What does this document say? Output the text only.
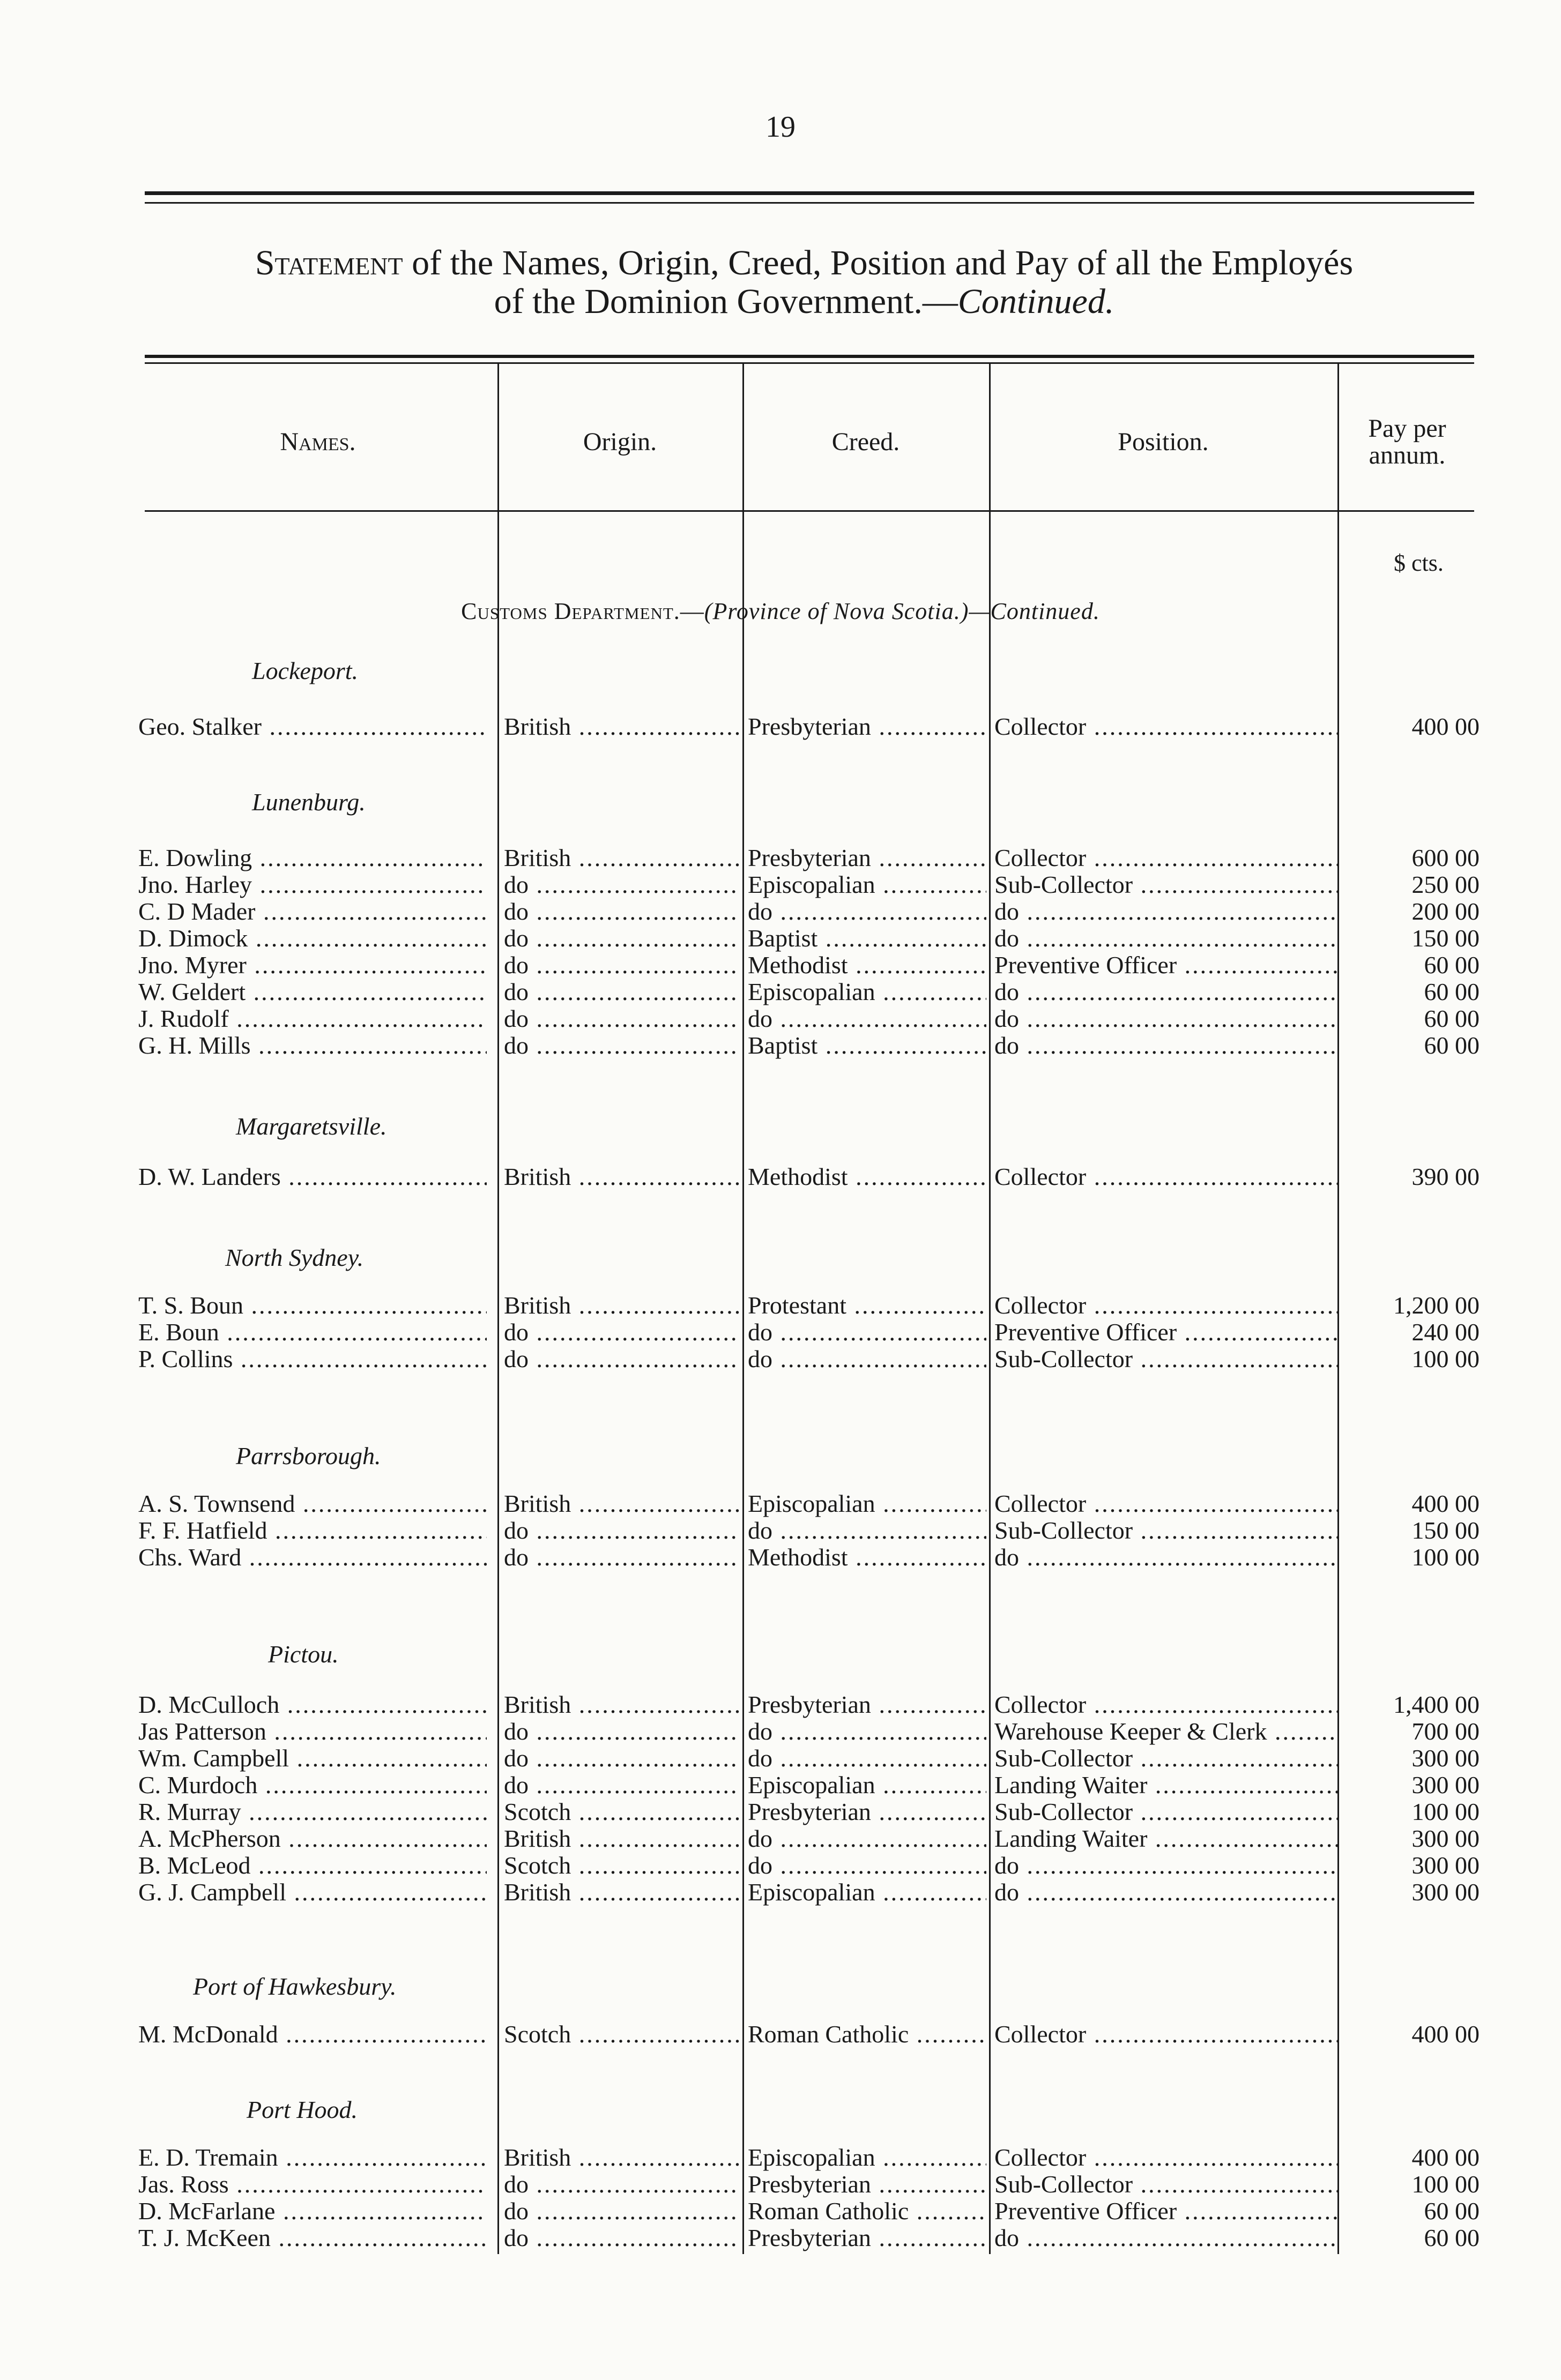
19
Statement of the Names, Origin, Creed, Position and Pay of all the Employés
of the Dominion Government.—Continued.
Names.	Origin.	Creed.	Position.	Pay per
annum.
$ cts.
Customs Department.—(Province of Nova Scotia.)—Continued.
Lockeport.
Geo. Stalker .....	British .....	Presbyterian .....	Collector .....	400 00
Lunenburg.
E. Dowling .....	British .....	Presbyterian .....	Collector .....	600 00
Jno. Harley .....	do .....	Episcopalian .....	Sub-Collector .....	250 00
C. D Mader .....	do .....	do .....	do .....	200 00
D. Dimock .....	do .....	Baptist .....	do .....	150 00
Jno. Myrer .....	do .....	Methodist .....	Preventive Officer .....	60 00
W. Geldert .....	do .....	Episcopalian .....	do .....	60 00
J. Rudolf .....	do .....	do .....	do .....	60 00
G. H. Mills .....	do .....	Baptist .....	do .....	60 00
Margaretsville.
D. W. Landers .....	British .....	Methodist .....	Collector .....	390 00
North Sydney.
T. S. Boun .....	British .....	Protestant .....	Collector .....	1,200 00
E. Boun .....	do .....	do .....	Preventive Officer .....	240 00
P. Collins .....	do .....	do .....	Sub-Collector .....	100 00
Parrsborough.
A. S. Townsend .....	British .....	Episcopalian .....	Collector .....	400 00
F. F. Hatfield .....	do .....	do .....	Sub-Collector .....	150 00
Chs. Ward .....	do .....	Methodist .....	do .....	100 00
Pictou.
D. McCulloch .....	British .....	Presbyterian .....	Collector .....	1,400 00
Jas Patterson .....	do .....	do .....	Warehouse Keeper & Clerk .....	700 00
Wm. Campbell .....	do .....	do .....	Sub-Collector .....	300 00
C. Murdoch .....	do .....	Episcopalian .....	Landing Waiter .....	300 00
R. Murray .....	Scotch .....	Presbyterian .....	Sub-Collector .....	100 00
A. McPherson .....	British .....	do .....	Landing Waiter .....	300 00
B. McLeod .....	Scotch .....	do .....	do .....	300 00
G. J. Campbell .....	British .....	Episcopalian .....	do .....	300 00
Port of Hawkesbury.
M. McDonald .....	Scotch .....	Roman Catholic .....	Collector .....	400 00
Port Hood.
E. D. Tremain .....	British .....	Episcopalian .....	Collector .....	400 00
Jas. Ross .....	do .....	Presbyterian .....	Sub-Collector .....	100 00
D. McFarlane .....	do .....	Roman Catholic .....	Preventive Officer .....	60 00
T. J. McKeen .....	do .....	Presbyterian .....	do .....	60 00
